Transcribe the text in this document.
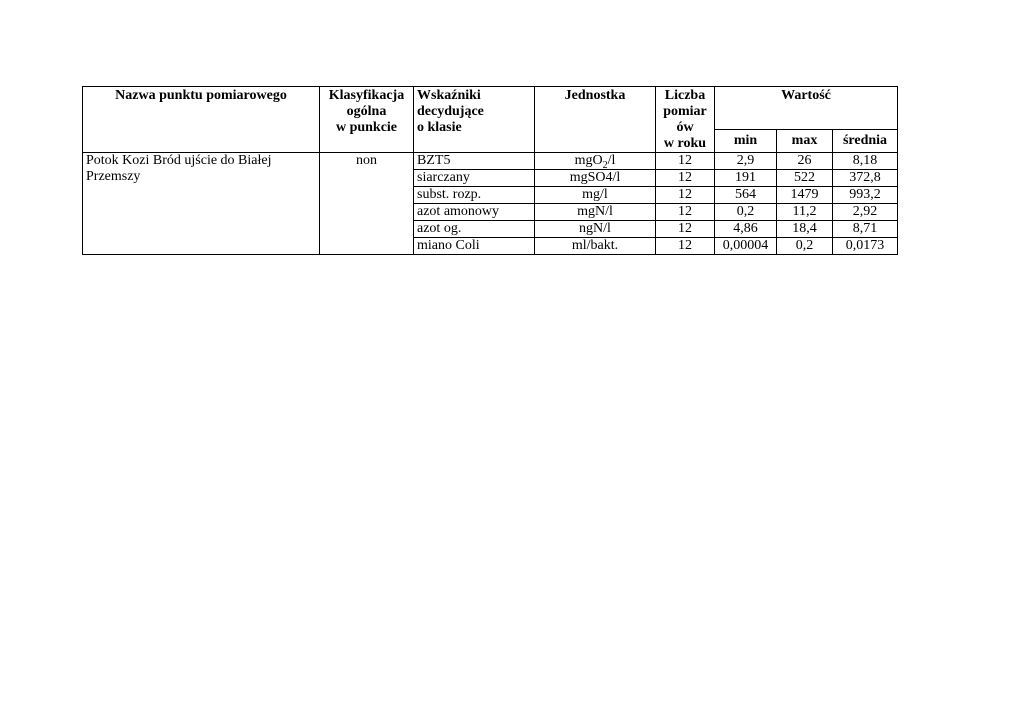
Nazwa punktu pomiarowego	Klasyfikacja
ogólna
w punkcie	Wskaźniki
decydujące
o klasie	Jednostka	Liczba
pomiar
ów
w roku	Wartość		
					min	max	średnia
Potok Kozi Bród ujście do Białej
Przemszy	non	BZT5	mgO$_2$/l	12	2,9	26	8,18
		siarczany	mgSO4/l	12	191	522	372,8
		subst. rozp.	mg/l	12	564	1479	993,2
		azot amonowy	mgN/l	12	0,2	11,2	2,92
		azot og.	ngN/l	12	4,86	18,4	8,71
		miano Coli	ml/bakt.	12	0,00004	0,2	0,0173
